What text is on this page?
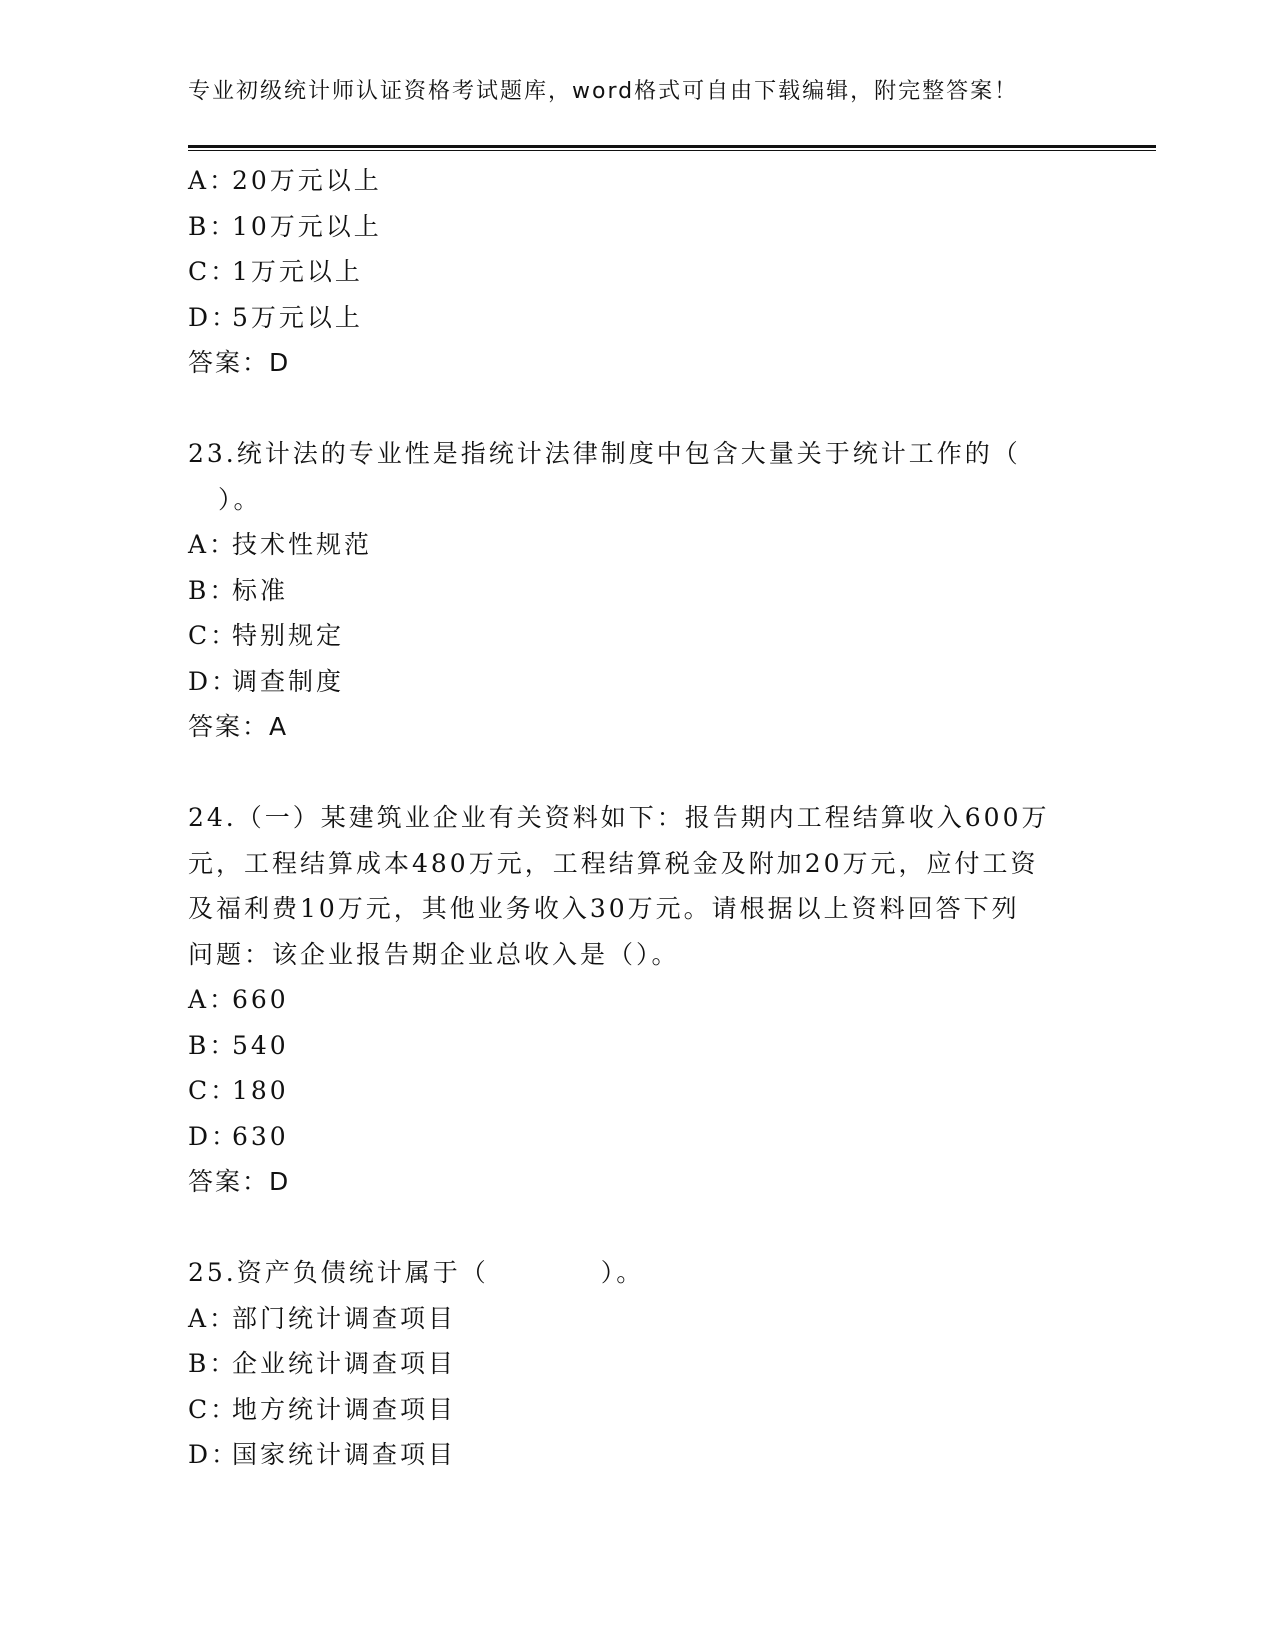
专业初级统计师认证资格考试题库，word格式可自由下载编辑，附完整答案！
A：20万元以上
B：10万元以上
C：1万元以上
D：5万元以上
答案：D
23.统计法的专业性是指统计法律制度中包含大量关于统计工作的（
）。
A：技术性规范
B：标准
C：特别规定
D：调查制度
答案：A
24.（一）某建筑业企业有关资料如下：报告期内工程结算收入600万
元，工程结算成本480万元，工程结算税金及附加20万元，应付工资
及福利费10万元，其他业务收入30万元。请根据以上资料回答下列
问题：该企业报告期企业总收入是（）。
A：660
B：540
C：180
D：630
答案：D
25.资产负债统计属于（　　　　）。
A：部门统计调查项目
B：企业统计调查项目
C：地方统计调查项目
D：国家统计调查项目
